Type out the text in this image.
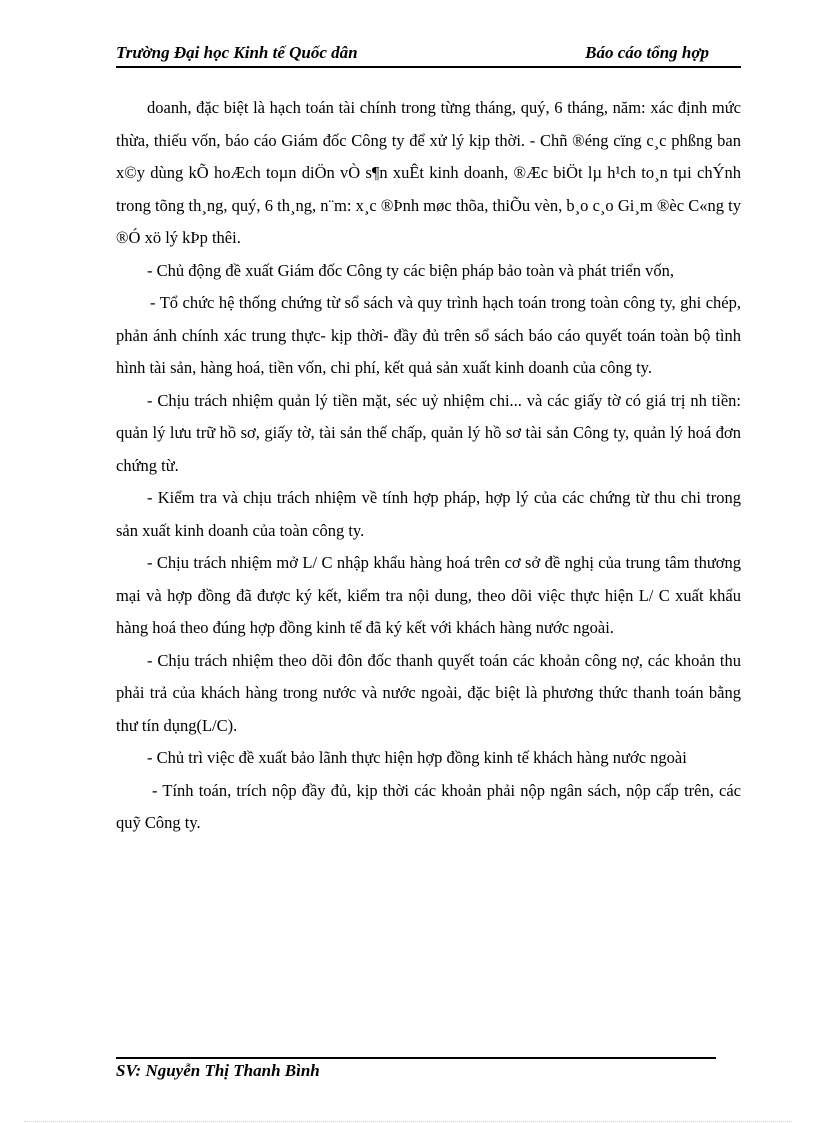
Trường Đại học Kinh tế Quốc dân	Báo cáo tổng hợp

doanh, đặc biệt là hạch toán tài chính trong từng tháng, quý, 6 tháng, năm: xác định mức thừa, thiếu vốn, báo cáo Giám đốc Công ty để xử lý kịp thời. - Chñ ®éng cïng c¸c phßng ban x©y dùng kÕ hoÆch toµn diÖn vÒ s¶n xuÊt kinh doanh, ®Æc biÖt lµ h¹ch to¸n tµi chÝnh trong tõng th¸ng, quý, 6 th¸ng, n¨m: x¸c ®Þnh møc thõa, thiÕu vèn, b¸o c¸o Gi¸m ®èc C«ng ty ®Ó xö lý kÞp thêi.

- Chủ động đề xuất Giám đốc Công ty các biện pháp bảo toàn và phát triển vốn,

- Tổ chức hệ thống chứng từ sổ sách và quy trình hạch toán trong toàn công ty, ghi chép, phản ánh chính xác trung thực- kịp thời- đầy đủ trên sổ sách báo cáo quyết toán toàn bộ tình hình tài sản, hàng hoá, tiền vốn, chi phí, kết quả sản xuất kinh doanh của công ty.

- Chịu trách nhiệm quản lý tiền mặt, séc uỷ nhiệm chi... và các giấy tờ có giá trị nh tiền: quản lý lưu trữ hồ sơ, giấy tờ, tài sản thế chấp, quản lý hồ sơ tài sản Công ty, quản lý hoá đơn chứng từ.

- Kiểm tra và chịu trách nhiệm về tính hợp pháp, hợp lý của các chứng từ thu chi trong sản xuất kinh doanh của toàn công ty.

- Chịu trách nhiệm mở L/ C nhập khẩu hàng hoá trên cơ sở đề nghị của trung tâm thương mại và hợp đồng đã được ký kết, kiểm tra nội dung, theo dõi việc thực hiện L/ C xuất khẩu hàng hoá theo đúng hợp đồng kinh tế đã ký kết với khách hàng nước ngoài.

- Chịu trách nhiệm theo dõi đôn đốc thanh quyết toán các khoản công nợ, các khoản thu phải trả của khách hàng trong nước và nước ngoài, đặc biệt là phương thức thanh toán bằng thư tín dụng(L/C).

- Chủ trì việc đề xuất bảo lãnh thực hiện hợp đồng kinh tế khách hàng nước ngoài

- Tính toán, trích nộp đầy đủ, kịp thời các khoản phải nộp ngân sách, nộp cấp trên, các quỹ Công ty.

SV: Nguyễn Thị Thanh Bình
